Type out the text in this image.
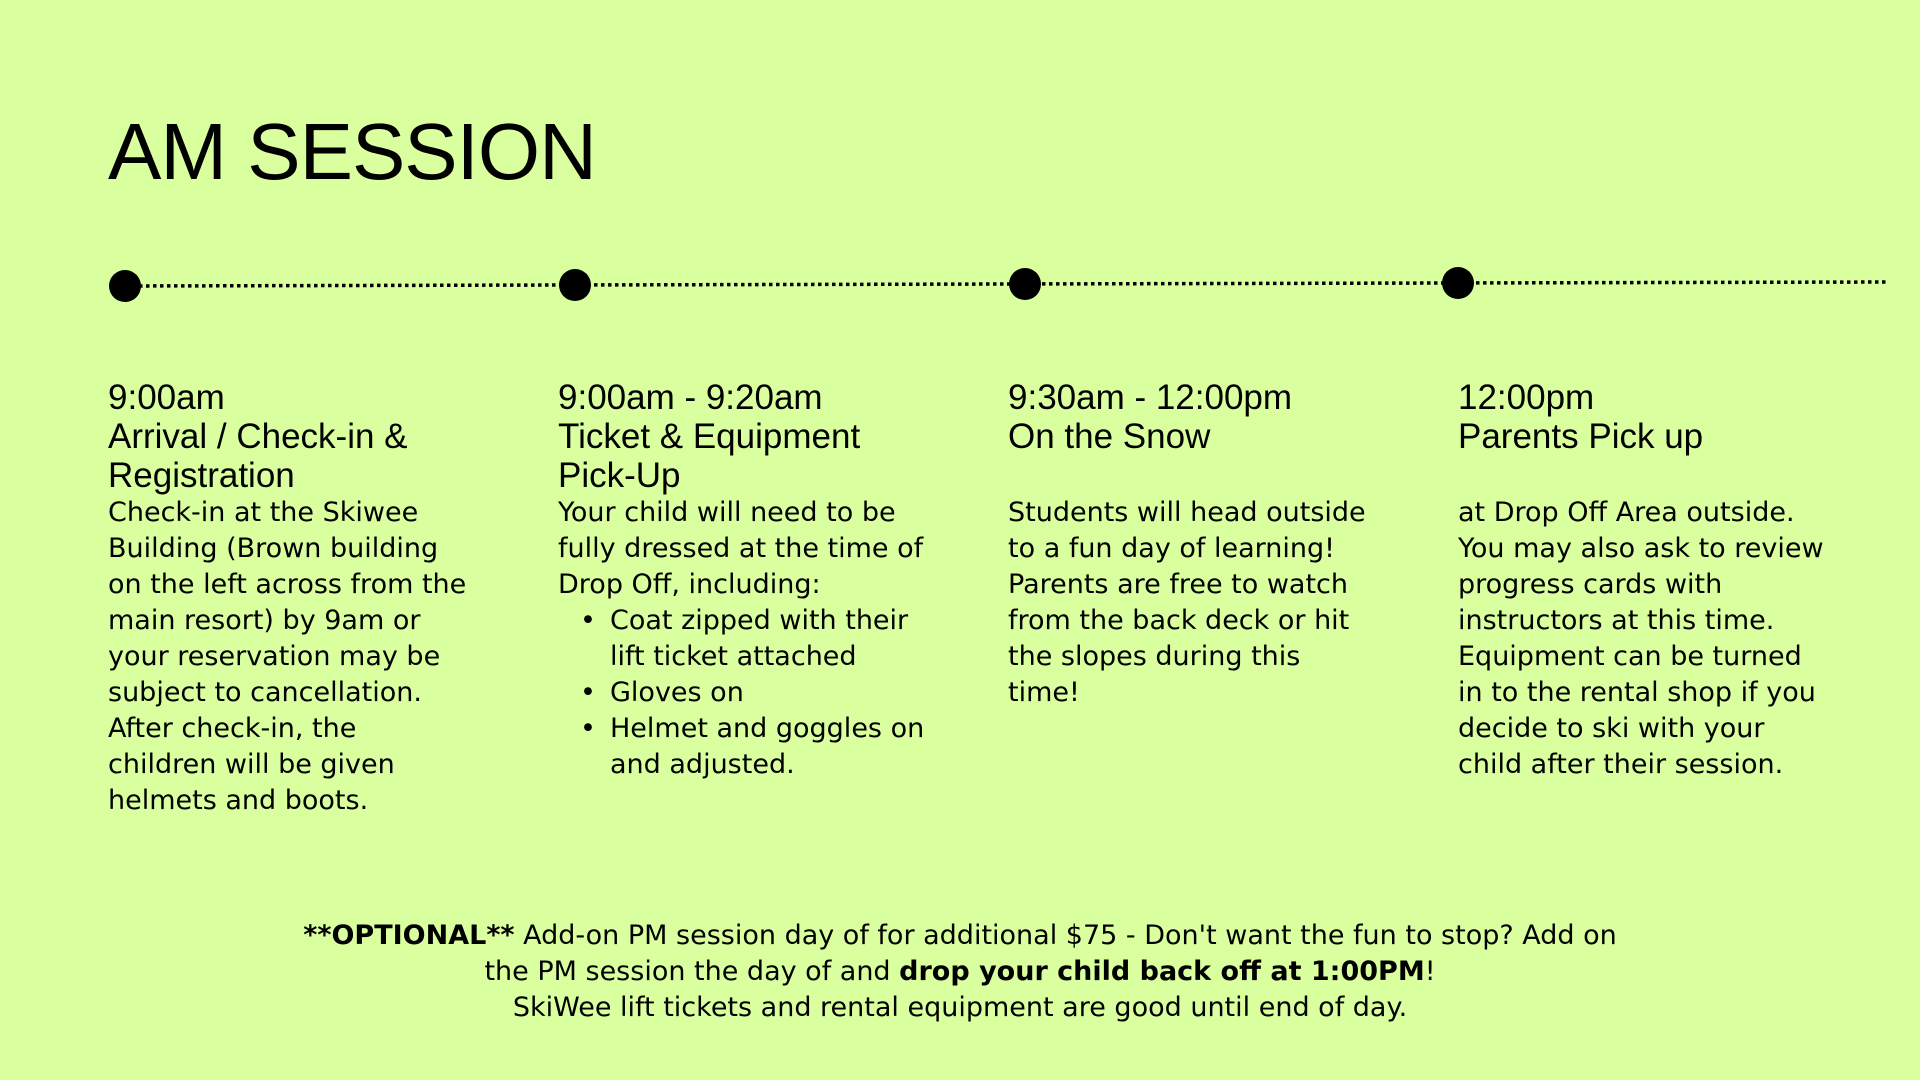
AM SESSION
9:00am
Arrival / Check-in &
Registration

Check-in at the Skiwee Building (Brown building on the left across from the main resort) by 9am or your reservation may be subject to cancellation. After check-in, the children will be given helmets and boots.

9:00am - 9:20am
Ticket & Equipment
Pick-Up

Your child will need to be fully dressed at the time of Drop Off, including:

• Coat zipped with their lift ticket attached
• Gloves on
• Helmet and goggles on and adjusted.
9:30am - 12:00pm
On the Snow

Students will head outside to a fun day of learning! Parents are free to watch from the back deck or hit the slopes during this time!

12:00pm
Parents Pick up

at Drop Off Area outside. You may also ask to review progress cards with instructors at this time. Equipment can be turned in to the rental shop if you decide to ski with your child after their session.

**OPTIONAL** Add-on PM session day of for additional $75 - Don't want the fun to stop? Add on

the PM session the day of and drop your child back off at 1:00PM!

SkiWee lift tickets and rental equipment are good until end of day.
